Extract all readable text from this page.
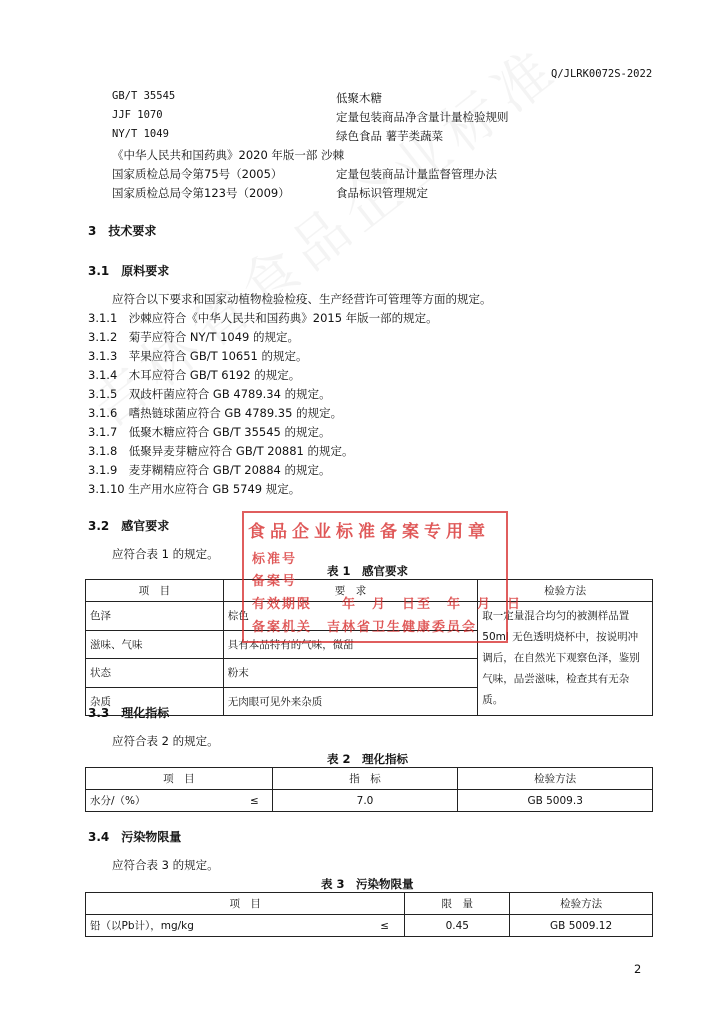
Q/JLRK0072S-2022
GB/T 35545	低聚木糖
JJF 1070	定量包装商品净含量计量检验规则
NY/T 1049	绿色食品 薯芋类蔬菜
《中华人民共和国药典》2020 年版一部 沙棘
国家质检总局令第75号（2005）	定量包装商品计量监督管理办法
国家质检总局令第123号（2009）	食品标识管理规定
3　技术要求
3.1　原料要求
应符合以下要求和国家动植物检验检疫、生产经营许可管理等方面的规定。
3.1.1　沙棘应符合《中华人民共和国药典》2015 年版一部的规定。
3.1.2　菊芋应符合 NY/T 1049 的规定。
3.1.3　苹果应符合 GB/T 10651 的规定。
3.1.4　木耳应符合 GB/T 6192 的规定。
3.1.5　双歧杆菌应符合 GB 4789.34 的规定。
3.1.6　嗜热链球菌应符合 GB 4789.35 的规定。
3.1.7　低聚木糖应符合 GB/T 35545 的规定。
3.1.8　低聚异麦芽糖应符合 GB/T 20881 的规定。
3.1.9　麦芽糊精应符合 GB/T 20884 的规定。
3.1.10 生产用水应符合 GB 5749 规定。
3.2　感官要求
应符合表 1 的规定。
表 1　感官要求
项　目	要　求	检验方法
色泽	棕色	取一定量混合均匀的被测样品置 50ml 无色透明烧杯中，按说明冲调后，在自然光下观察色泽，鉴别气味，品尝滋味，检查其有无杂质。
滋味、气味	具有本品特有的气味，微甜	
状态	粉末	
杂质	无肉眼可见外来杂质	
食品企业标准备案专用章
标准号
备案号
有效期限　　年　月　日至　年　月　日
备案机关　吉林省卫生健康委员会
3.3　理化指标
应符合表 2 的规定。
表 2　理化指标
项　目		指　标	检验方法
水分/（%）	≤	7.0	GB 5009.3
3.4　污染物限量
应符合表 3 的规定。
表 3　污染物限量
项　目		限　量	检验方法
铅（以Pb计），mg/kg	≤	0.45	GB 5009.12
2
